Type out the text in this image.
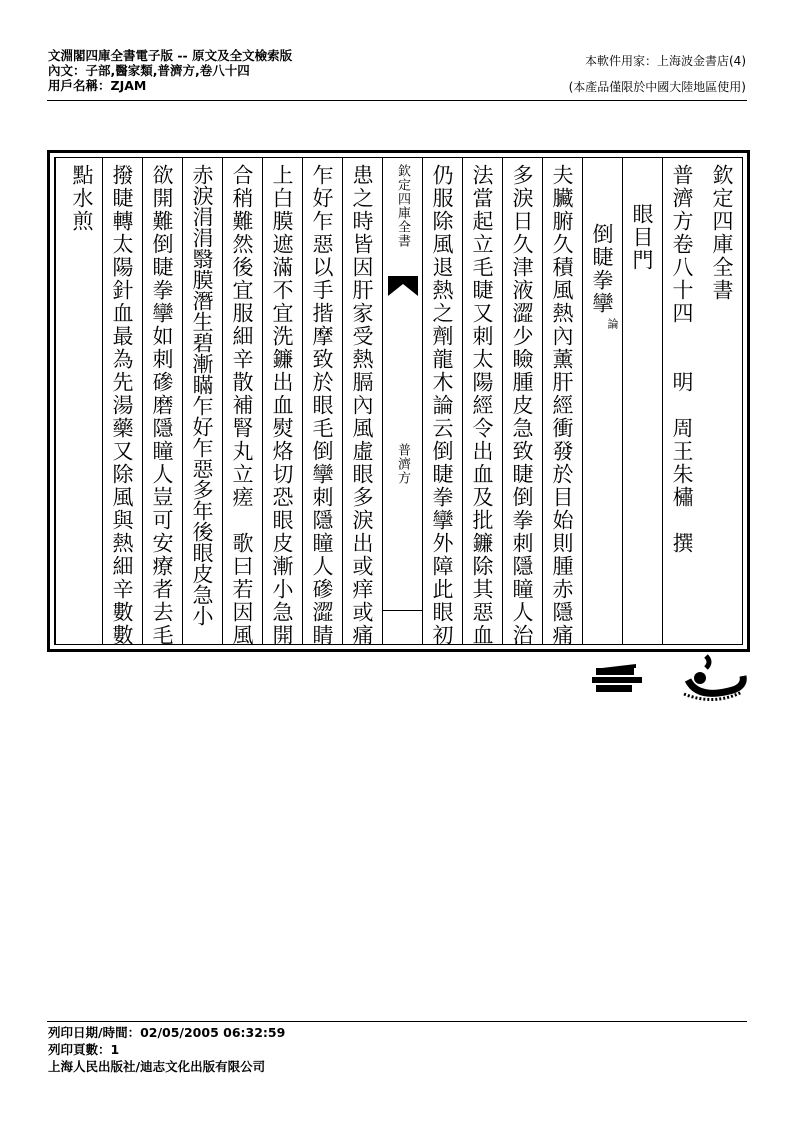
文淵閣四庫全書電子版 -- 原文及全文檢索版
內文：子部,醫家類,普濟方,卷八十四
用戶名稱：ZJAM
本軟件用家：上海波金書店(4)
(本產品僅限於中國大陸地區使用)
欽定四庫全書
普濟方卷八十四　　明　周王朱橚　撰
眼目門
倒睫拳攣
論
夫臟腑久積風熱內薰肝經衝發於目始則腫赤隱痛
多淚日久津液澀少瞼腫皮急致睫倒拳刺隱瞳人治
法當起立毛睫又刺太陽經令出血及批鐮除其惡血
仍服除風退熱之劑龍木論云倒睫拳攣外障此眼初
欽定四庫全書
普濟方
患之時皆因肝家受熱膈內風虛眼多淚出或痒或痛
乍好乍惡以手揩摩致於眼毛倒攣刺隱瞳人磣澀睛
上白膜遮滿不宜洗鐮出血熨烙切恐眼皮漸小急開
合稍難然後宜服細辛散補腎丸立瘥　歌曰若因風
赤淚涓涓翳膜潛生碧漸瞞乍好乍惡多年後眼皮急小
欲開難倒睫拳攣如刺磣磨隱瞳人豈可安療者去毛
撥睫轉太陽針血最為先湯藥又除風與熱細辛數數
點水煎
列印日期/時間：02/05/2005 06:32:59
列印頁數：1
上海人民出版社/迪志文化出版有限公司
